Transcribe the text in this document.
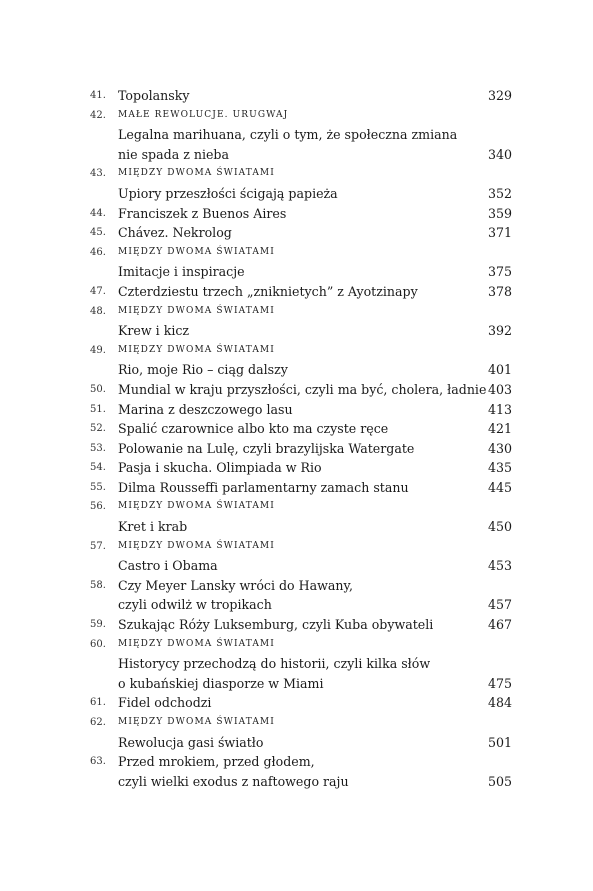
41. Topolansky	329
42.	MAŁE REWOLUCJE. URUGWAJ
Legalna marihuana, czyli o tym, że społeczna zmiana
nie spada z nieba	340
43.	MIĘDZY DWOMA ŚWIATAMI
Upiory przeszłości ścigają papieża	352
44. Franciszek z Buenos Aires	359
45. Chávez. Nekrolog	371
46.	MIĘDZY DWOMA ŚWIATAMI
Imitacje i inspiracje	375
47. Czterdziestu trzech „zniknietych” z Ayotzinapy	378
48.	MIĘDZY DWOMA ŚWIATAMI
Krew i kicz	392
49.	MIĘDZY DWOMA ŚWIATAMI
Rio, moje Rio – ciąg dalszy	401
50. Mundial w kraju przyszłości, czyli ma być, cholera, ładnie 403
51. Marina z deszczowego lasu	413
52. Spalić czarownice albo kto ma czyste ręce	421
53. Polowanie na Lulę, czyli brazylijska Watergate	430
54. Pasja i skucha. Olimpiada w Rio	435
55. Dilma Rousseffi parlamentarny zamach stanu	445
56.	MIĘDZY DWOMA ŚWIATAMI
Kret i krab	450
57.	MIĘDZY DWOMA ŚWIATAMI
Castro i Obama	453
58. Czy Meyer Lansky wróci do Hawany,
czyli odwilż w tropikach	457
59. Szukając Róży Luksemburg, czyli Kuba obywateli	467
60.	MIĘDZY DWOMA ŚWIATAMI
Historycy przechodzą do historii, czyli kilka słów
o kubańskiej diasporze w Miami	475
61. Fidel odchodzi	484
62.	MIĘDZY DWOMA ŚWIATAMI
Rewolucja gasi światło	501
63. Przed mrokiem, przed głodem,
czyli wielki exodus z naftowego raju	505
